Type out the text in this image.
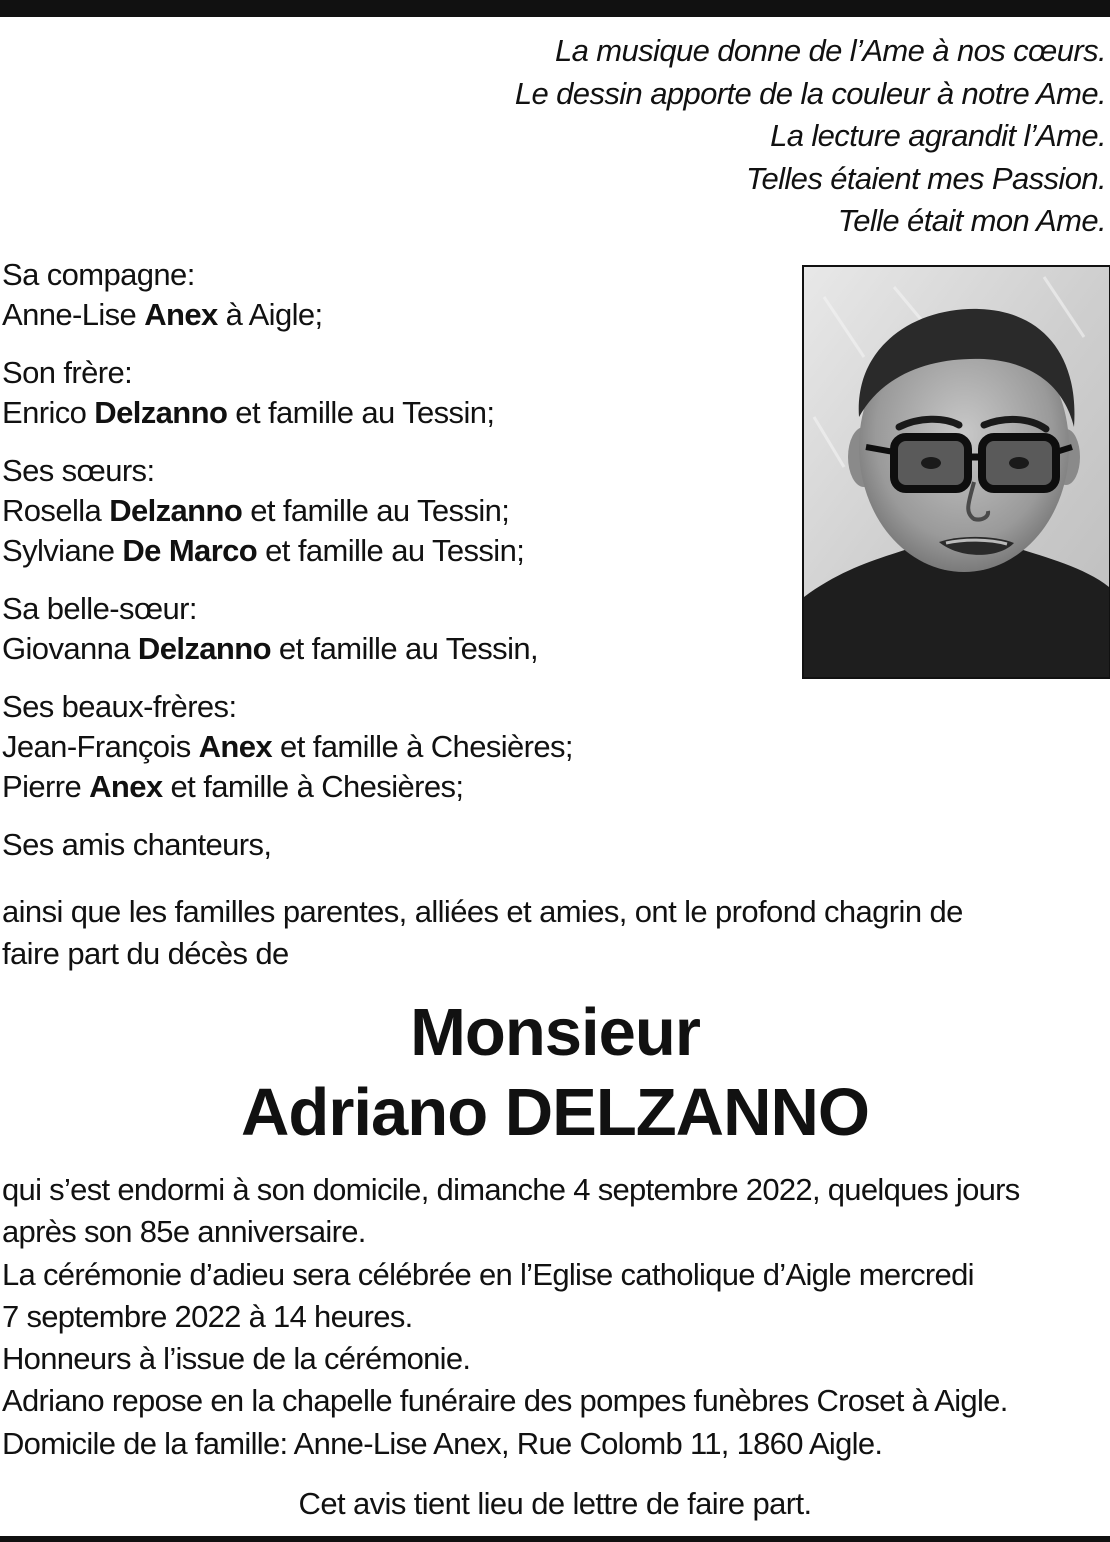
La musique donne de l’Ame à nos cœurs.
Le dessin apporte de la couleur à notre Ame.
La lecture agrandit l’Ame.
Telles étaient mes Passion.
Telle était mon Ame.
Sa compagne:
Anne-Lise Anex à Aigle;
Son frère:
Enrico Delzanno et famille au Tessin;
Ses sœurs:
Rosella Delzanno et famille au Tessin;
Sylviane De Marco et famille au Tessin;
Sa belle-sœur:
Giovanna Delzanno et famille au Tessin,
Ses beaux-frères:
Jean-François Anex et famille à Chesières;
Pierre Anex et famille à Chesières;
Ses amis chanteurs,
ainsi que les familles parentes, alliées et amies, ont le profond chagrin de
faire part du décès de
Monsieur
Adriano DELZANNO
qui s’est endormi à son domicile, dimanche 4 septembre 2022, quelques jours
après son 85e anniversaire.
La cérémonie d’adieu sera célébrée en l’Eglise catholique d’Aigle mercredi
7 septembre 2022 à 14 heures.
Honneurs à l’issue de la cérémonie.
Adriano repose en la chapelle funéraire des pompes funèbres Croset à Aigle.
Domicile de la famille: Anne-Lise Anex, Rue Colomb 11, 1860 Aigle.
Cet avis tient lieu de lettre de faire part.
